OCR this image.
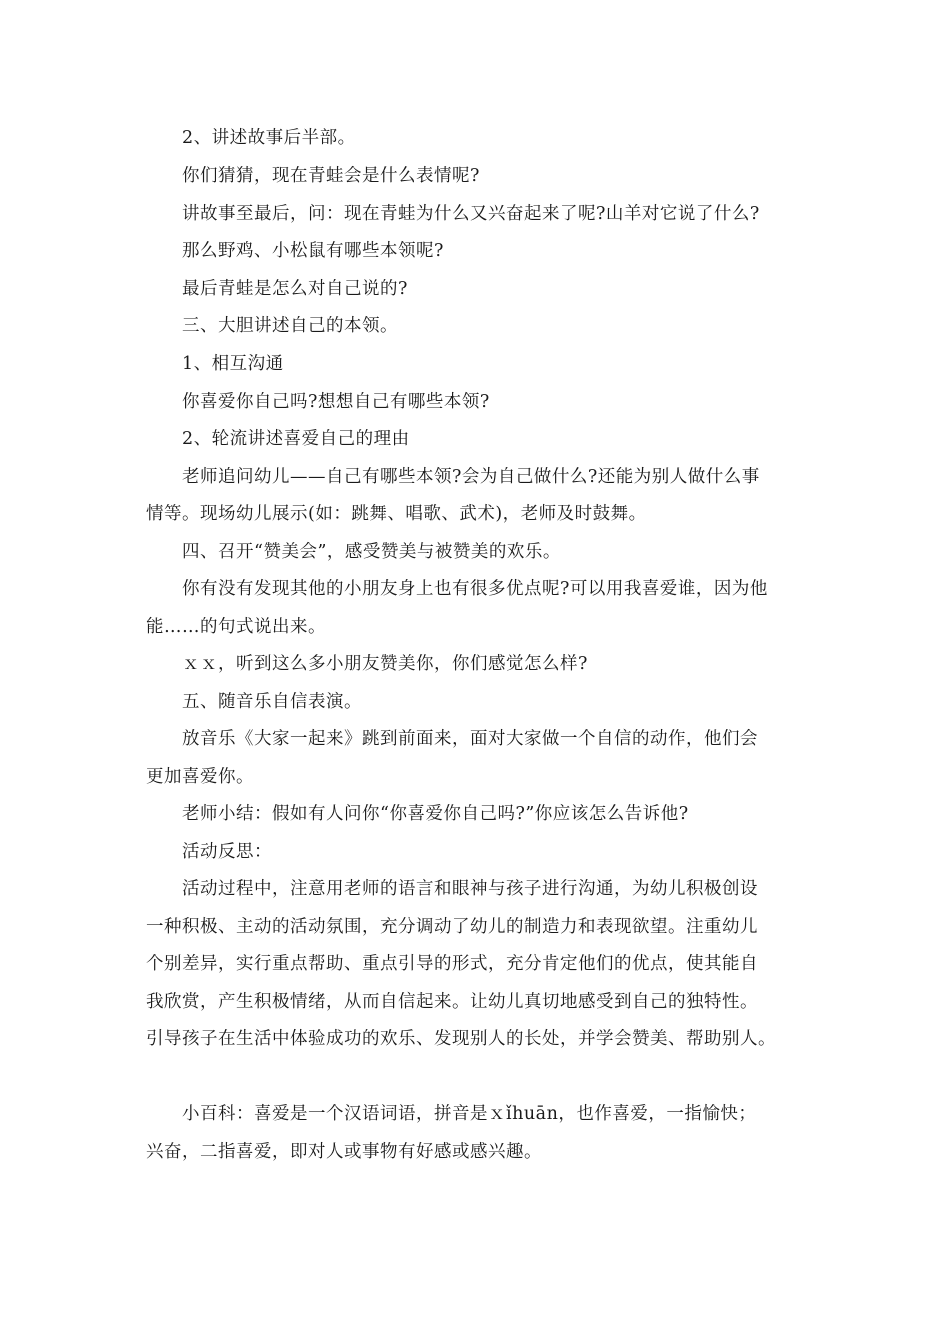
2、讲述故事后半部。
你们猜猜，现在青蛙会是什么表情呢?
讲故事至最后，问：现在青蛙为什么又兴奋起来了呢?山羊对它说了什么?
那么野鸡、小松鼠有哪些本领呢?
最后青蛙是怎么对自己说的?
三、大胆讲述自己的本领。
1、相互沟通
你喜爱你自己吗?想想自己有哪些本领?
2、轮流讲述喜爱自己的理由
老师追问幼儿——自己有哪些本领?会为自己做什么?还能为别人做什么事
情等。现场幼儿展示(如：跳舞、唱歌、武术)，老师及时鼓舞。
四、召开“赞美会”，感受赞美与被赞美的欢乐。
你有没有发现其他的小朋友身上也有很多优点呢?可以用我喜爱谁，因为他
能……的句式说出来。
ｘｘ，听到这么多小朋友赞美你，你们感觉怎么样?
五、随音乐自信表演。
放音乐《大家一起来》跳到前面来，面对大家做一个自信的动作，他们会
更加喜爱你。
老师小结：假如有人问你“你喜爱你自己吗?”你应该怎么告诉他?
活动反思：
活动过程中，注意用老师的语言和眼神与孩子进行沟通，为幼儿积极创设
一种积极、主动的活动氛围，充分调动了幼儿的制造力和表现欲望。注重幼儿
个别差异，实行重点帮助、重点引导的形式，充分肯定他们的优点，使其能自
我欣赏，产生积极情绪，从而自信起来。让幼儿真切地感受到自己的独特性。
引导孩子在生活中体验成功的欢乐、发现别人的长处，并学会赞美、帮助别人。
小百科：喜爱是一个汉语词语，拼音是ｘǐhuān，也作喜爱，一指愉快；
兴奋，二指喜爱，即对人或事物有好感或感兴趣。
